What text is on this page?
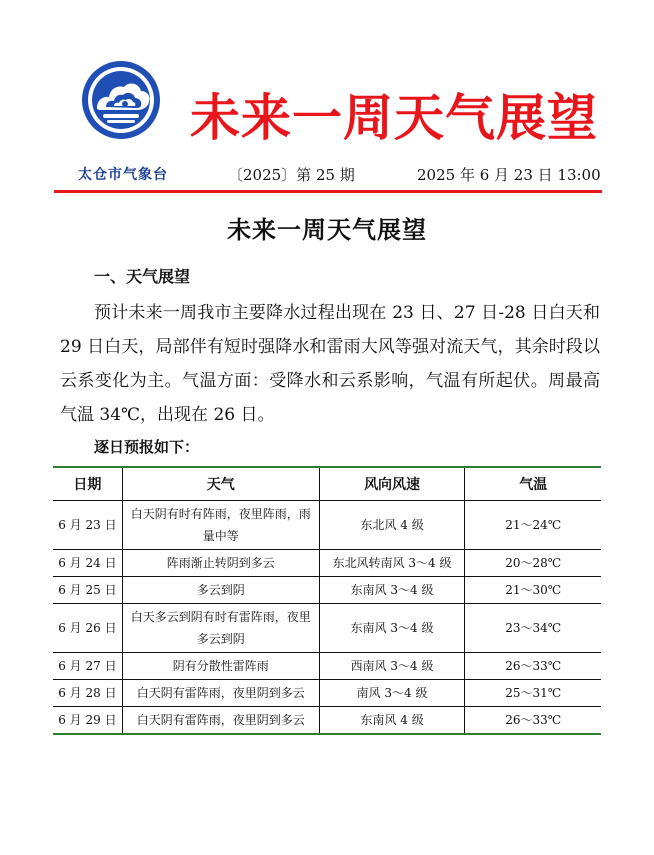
未来一周天气展望
太仓市气象台	〔2025〕第 25 期	2025 年 6 月 23 日 13:00
未来一周天气展望
一、天气展望

预计未来一周我市主要降水过程出现在 23 日、27 日-28 日白天和 29 日白天，局部伴有短时强降水和雷雨大风等强对流天气，其余时段以云系变化为主。气温方面：受降水和云系影响，气温有所起伏。周最高气温 34℃，出现在 26 日。

逐日预报如下：
日期	天气	风向风速	气温
6 月 23 日	白天阴有时有阵雨，夜里阵雨，雨量中等	东北风 4 级	21～24℃
6 月 24 日	阵雨渐止转阴到多云	东北风转南风 3～4 级	20～28℃
6 月 25 日	多云到阴	东南风 3～4 级	21～30℃
6 月 26 日	白天多云到阴有时有雷阵雨，夜里多云到阴	东南风 3～4 级	23～34℃
6 月 27 日	阴有分散性雷阵雨	西南风 3～4 级	26～33℃
6 月 28 日	白天阴有雷阵雨，夜里阴到多云	南风 3～4 级	25～31℃
6 月 29 日	白天阴有雷阵雨，夜里阴到多云	东南风 4 级	26～33℃
